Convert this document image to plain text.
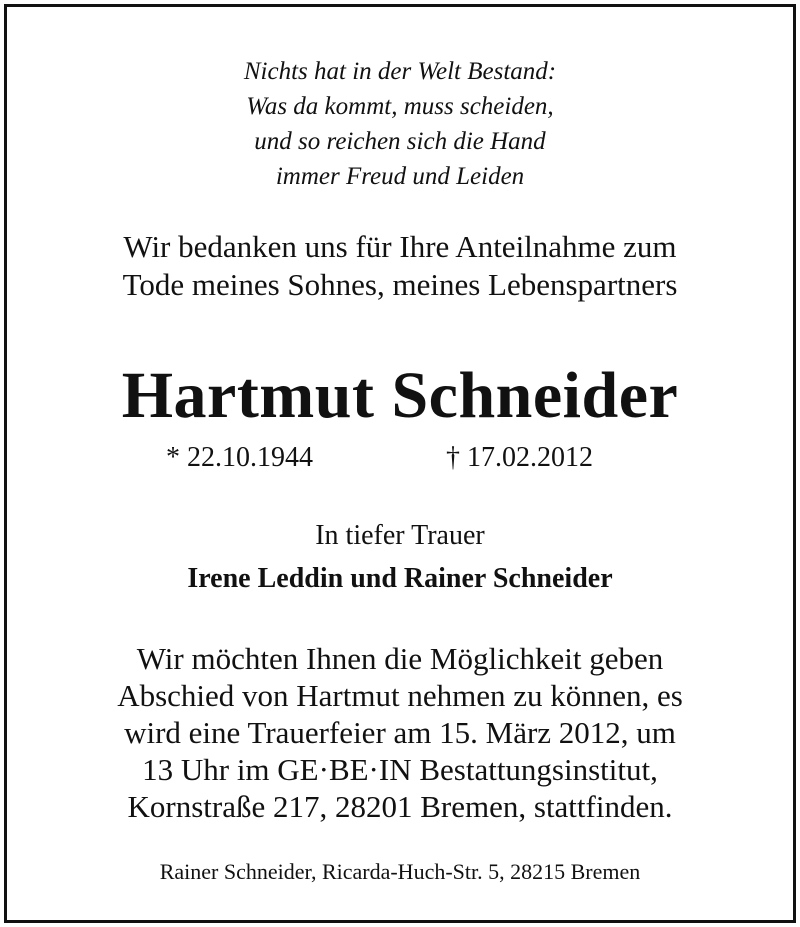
Nichts hat in der Welt Bestand:
Was da kommt, muss scheiden,
und so reichen sich die Hand
immer Freud und Leiden
Wir bedanken uns für Ihre Anteilnahme zum
Tode meines Sohnes, meines Lebenspartners
Hartmut Schneider
* 22.10.1944	† 17.02.2012
In tiefer Trauer
Irene Leddin und Rainer Schneider
Wir möchten Ihnen die Möglichkeit geben
Abschied von Hartmut nehmen zu können, es
wird eine Trauerfeier am 15. März 2012, um
13 Uhr im GE·BE·IN Bestattungsinstitut,
Kornstraße 217, 28201 Bremen, stattfinden.
Rainer Schneider, Ricarda-Huch-Str. 5, 28215 Bremen
